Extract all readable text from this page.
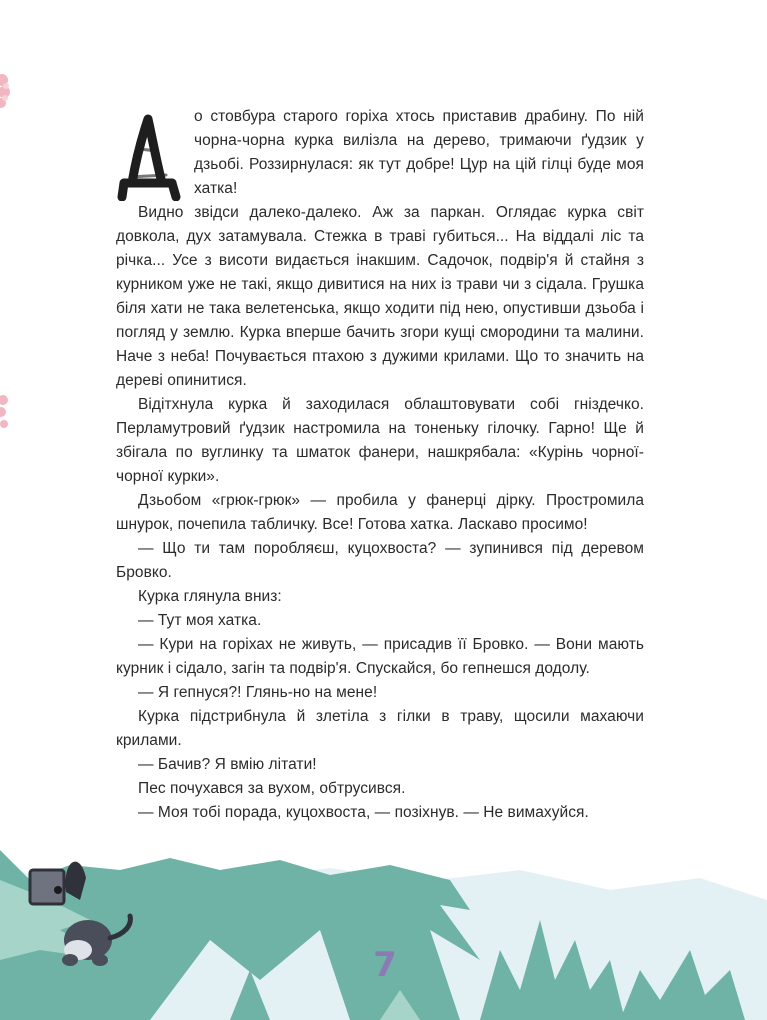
о стовбура старого горіха хтось приставив драбину. По ній чорна-чорна курка вилізла на дерево, тримаючи ґудзик у дзьобі. Роззирнулася: як тут добре! Цур на цій гілці буде моя хатка!

Видно звідси далеко-далеко. Аж за паркан. Оглядає курка світ довкола, дух затамувала. Стежка в траві губиться... На віддалі ліс та річка... Усе з висоти видається інакшим. Садочок, подвір'я й стайня з курником уже не такі, якщо дивитися на них із трави чи з сідала. Грушка біля хати не така велетенська, якщо ходити під нею, опустивши дзьоба і погляд у землю. Курка вперше бачить згори кущі смородини та малини. Наче з неба! Почувається птахою з дужими крилами. Що то значить на дереві опинитися.

Відітхнула курка й заходилася облаштовувати собі гніздечко. Перламутровий ґудзик настромила на тоненьку гілочку. Гарно! Ще й збігала по вуглинку та шматок фанери, нашкрябала: «Курінь чорної-чорної курки».

Дзьобом «грюк-грюк» — пробила у фанерці дірку. Простромила шнурок, почепила табличку. Все! Готова хатка. Ласкаво просимо!

— Що ти там поробляєш, куцохвоста? — зупинився під деревом Бровко.

Курка глянула вниз:

— Тут моя хатка.

— Кури на горіхах не живуть, — присадив її Бровко. — Вони мають курник і сідало, загін та подвір'я. Спускайся, бо гепнешся додолу.

— Я гепнуся?! Глянь-но на мене!

Курка підстрибнула й злетіла з гілки в траву, щосили махаючи крилами.

— Бачив? Я вмію літати!

Пес почухався за вухом, обтрусився.

— Моя тобі порада, куцохвоста, — позіхнув. — Не вимахуйся.

7
